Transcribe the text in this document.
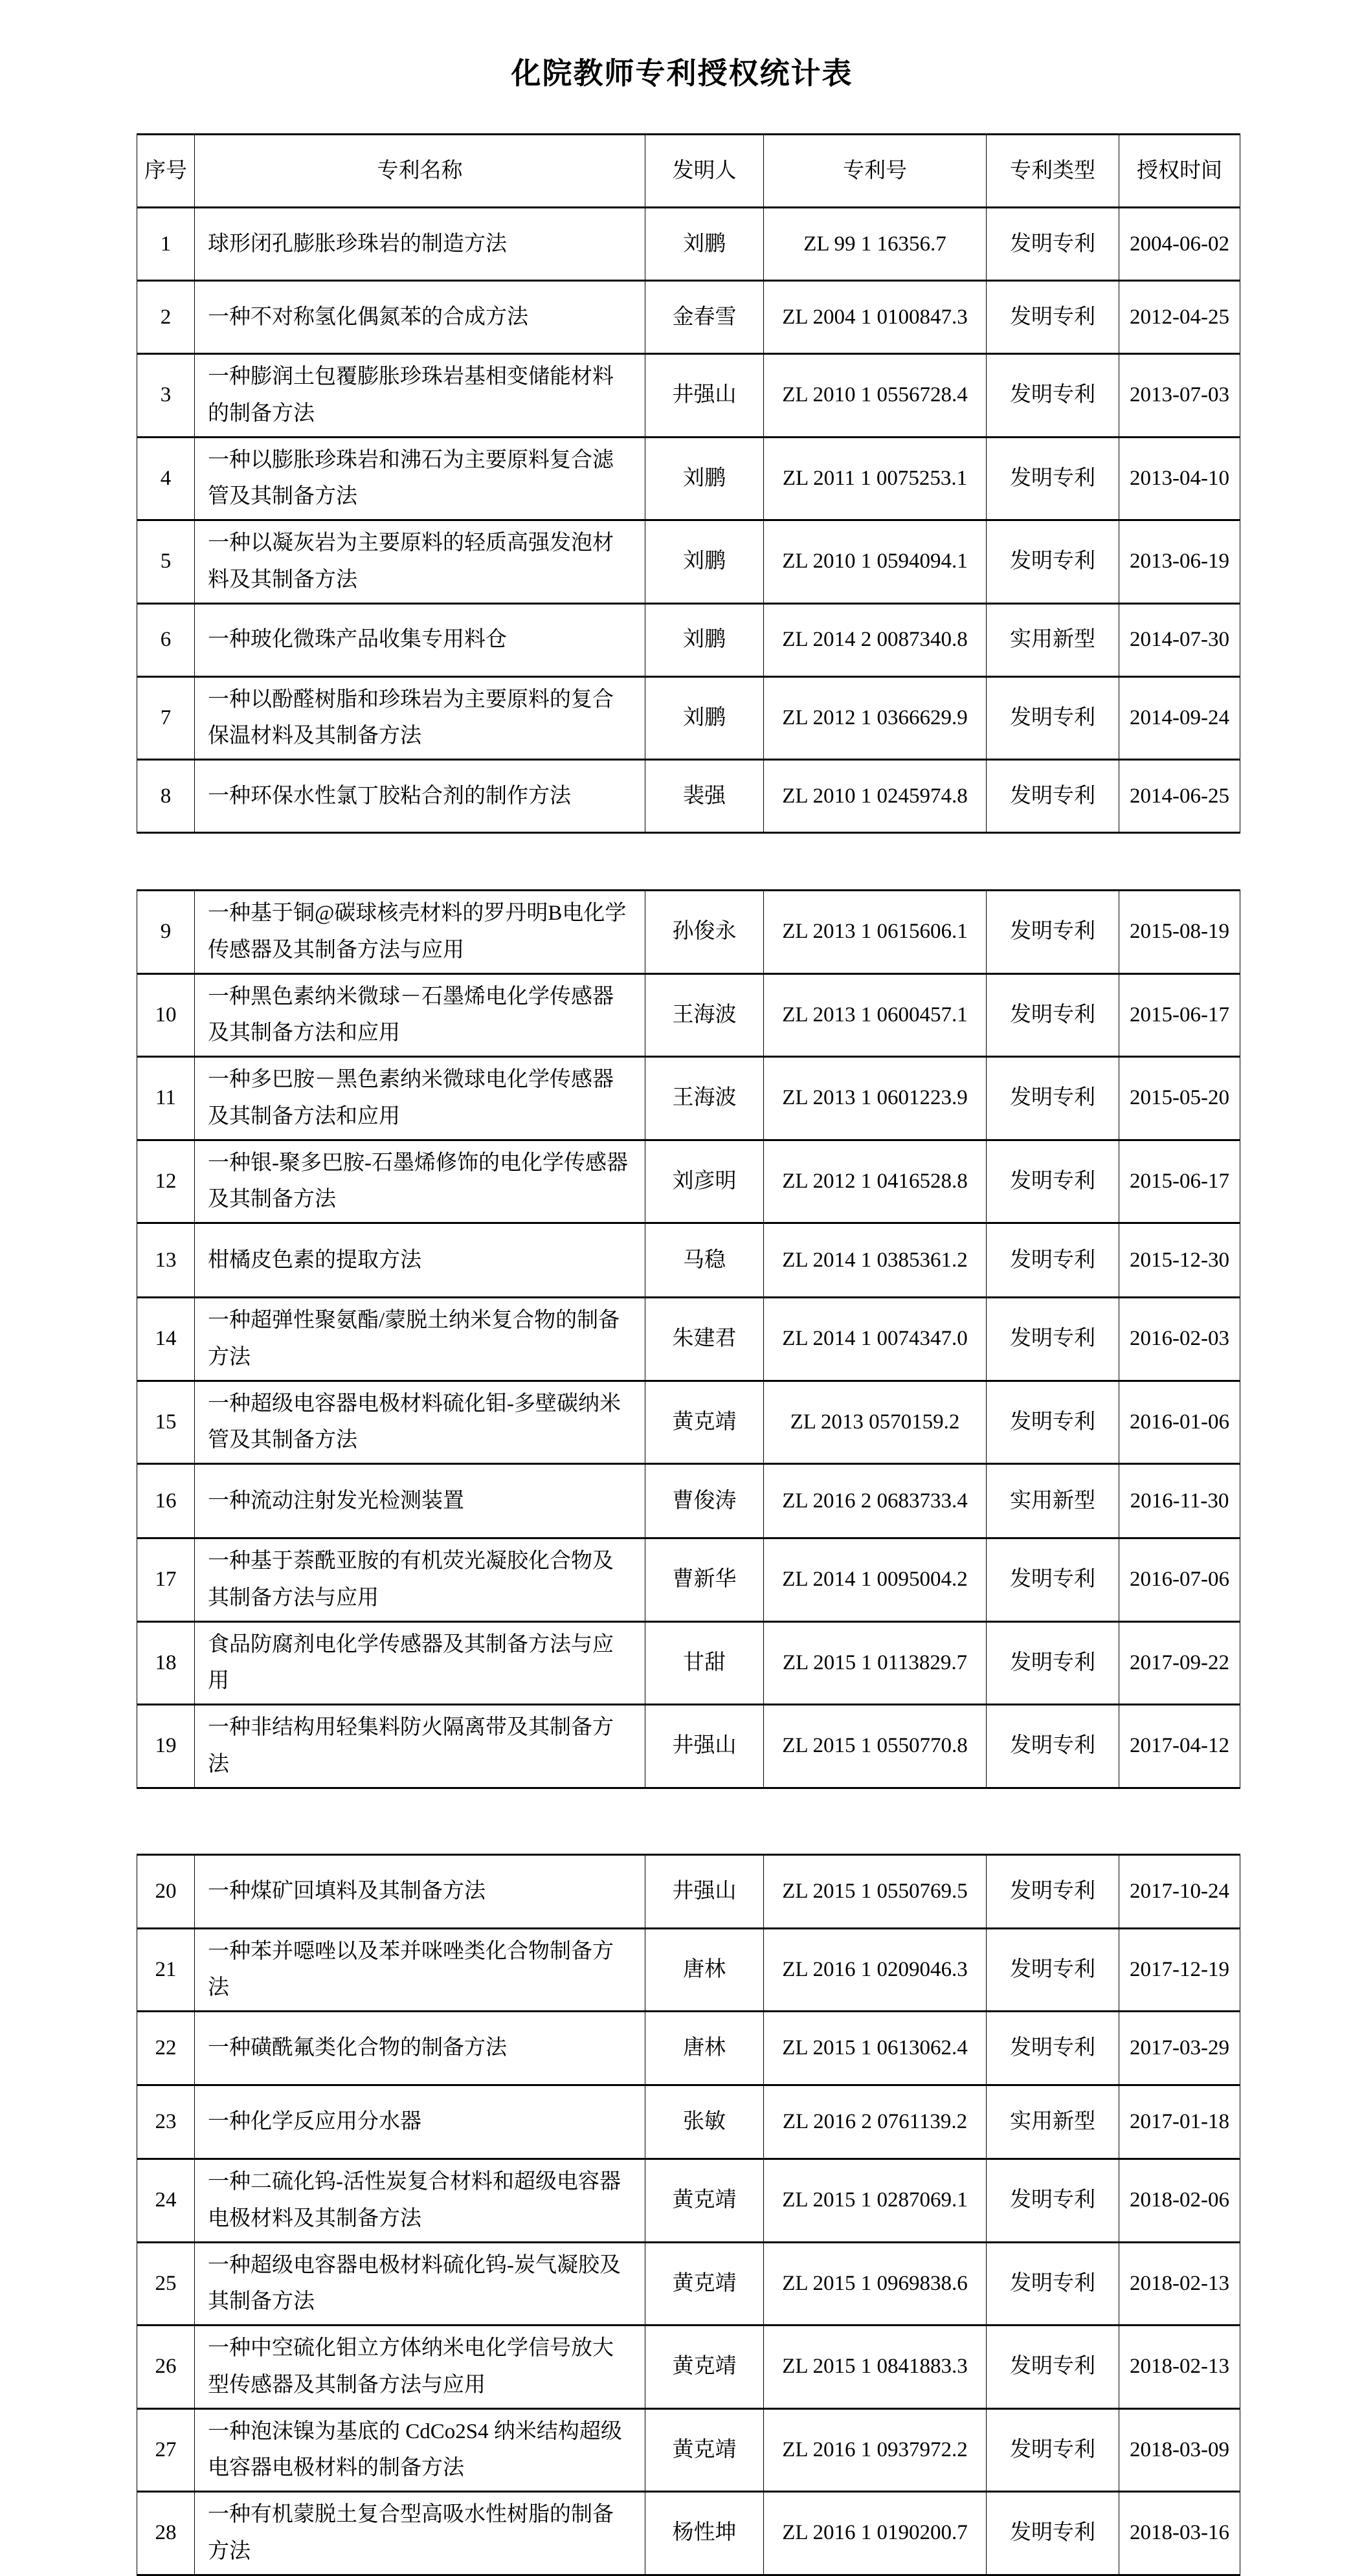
化院教师专利授权统计表
序号	专利名称	发明人	专利号	专利类型	授权时间
1	球形闭孔膨胀珍珠岩的制造方法	刘鹏	ZL 99 1 16356.7	发明专利	2004-06-02
2	一种不对称氢化偶氮苯的合成方法	金春雪	ZL 2004 1 0100847.3	发明专利	2012-04-25
3	一种膨润土包覆膨胀珍珠岩基相变储能材料的制备方法	井强山	ZL 2010 1 0556728.4	发明专利	2013-07-03
4	一种以膨胀珍珠岩和沸石为主要原料复合滤管及其制备方法	刘鹏	ZL 2011 1 0075253.1	发明专利	2013-04-10
5	一种以凝灰岩为主要原料的轻质高强发泡材料及其制备方法	刘鹏	ZL 2010 1 0594094.1	发明专利	2013-06-19
6	一种玻化微珠产品收集专用料仓	刘鹏	ZL 2014 2 0087340.8	实用新型	2014-07-30
7	一种以酚醛树脂和珍珠岩为主要原料的复合保温材料及其制备方法	刘鹏	ZL 2012 1 0366629.9	发明专利	2014-09-24
8	一种环保水性氯丁胶粘合剂的制作方法	裴强	ZL 2010 1 0245974.8	发明专利	2014-06-25
9	一种基于铜@碳球核壳材料的罗丹明B电化学传感器及其制备方法与应用	孙俊永	ZL 2013 1 0615606.1	发明专利	2015-08-19
10	一种黑色素纳米微球－石墨烯电化学传感器及其制备方法和应用	王海波	ZL 2013 1 0600457.1	发明专利	2015-06-17
11	一种多巴胺－黑色素纳米微球电化学传感器及其制备方法和应用	王海波	ZL 2013 1 0601223.9	发明专利	2015-05-20
12	一种银-聚多巴胺-石墨烯修饰的电化学传感器及其制备方法	刘彦明	ZL 2012 1 0416528.8	发明专利	2015-06-17
13	柑橘皮色素的提取方法	马稳	ZL 2014 1 0385361.2	发明专利	2015-12-30
14	一种超弹性聚氨酯/蒙脱土纳米复合物的制备方法	朱建君	ZL 2014 1 0074347.0	发明专利	2016-02-03
15	一种超级电容器电极材料硫化钼-多壁碳纳米管及其制备方法	黄克靖	ZL 2013 0570159.2	发明专利	2016-01-06
16	一种流动注射发光检测装置	曹俊涛	ZL 2016 2 0683733.4	实用新型	2016-11-30
17	一种基于萘酰亚胺的有机荧光凝胶化合物及其制备方法与应用	曹新华	ZL 2014 1 0095004.2	发明专利	2016-07-06
18	食品防腐剂电化学传感器及其制备方法与应 用	甘甜	ZL 2015 1 0113829.7	发明专利	2017-09-22
19	一种非结构用轻集料防火隔离带及其制备方法	井强山	ZL 2015 1 0550770.8	发明专利	2017-04-12
20	一种煤矿回填料及其制备方法	井强山	ZL 2015 1 0550769.5	发明专利	2017-10-24
21	一种苯并噁唑以及苯并咪唑类化合物制备方法	唐林	ZL 2016 1 0209046.3	发明专利	2017-12-19
22	一种磺酰氟类化合物的制备方法	唐林	ZL 2015 1 0613062.4	发明专利	2017-03-29
23	一种化学反应用分水器	张敏	ZL 2016 2 0761139.2	实用新型	2017-01-18
24	一种二硫化钨-活性炭复合材料和超级电容器电极材料及其制备方法	黄克靖	ZL 2015 1 0287069.1	发明专利	2018-02-06
25	一种超级电容器电极材料硫化钨-炭气凝胶及其制备方法	黄克靖	ZL 2015 1 0969838.6	发明专利	2018-02-13
26	一种中空硫化钼立方体纳米电化学信号放大型传感器及其制备方法与应用	黄克靖	ZL 2015 1 0841883.3	发明专利	2018-02-13
27	一种泡沫镍为基底的 CdCo2S4 纳米结构超级电容器电极材料的制备方法	黄克靖	ZL 2016 1 0937972.2	发明专利	2018-03-09
28	一种有机蒙脱土复合型高吸水性树脂的制备方法	杨性坤	ZL 2016 1 0190200.7	发明专利	2018-03-16
